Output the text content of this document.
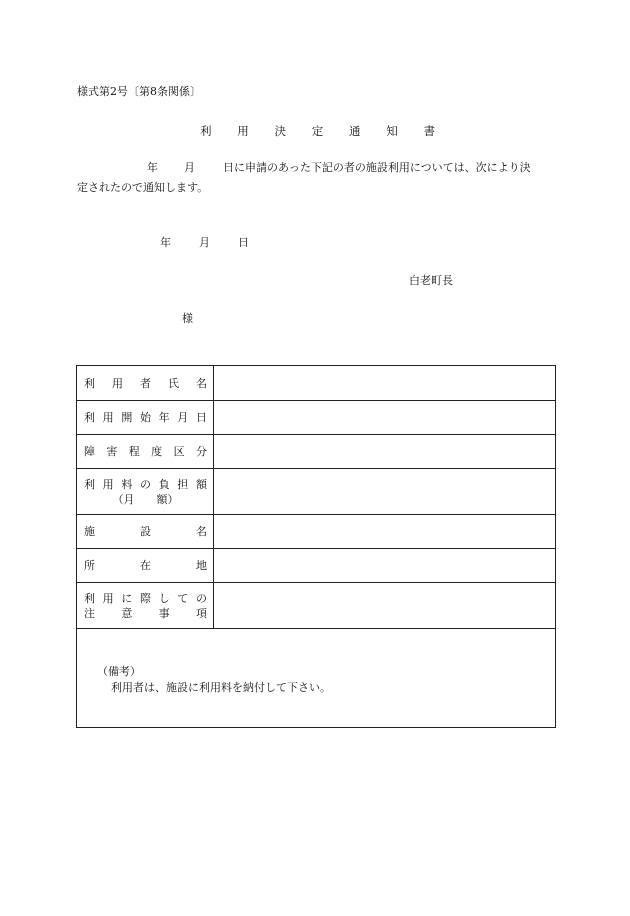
様式第2号〔第8条関係〕
利 用 決 定 通 知 書
年 月	日に申請のあった下記の者の施設利用については、次により決
定されたので通知します。
年	月	日
白老町長
様
利 用 者 氏 名
利 用 開 始 年 月 日
障 害 程 度 区 分
利 用 料 の 負 担 額
（月 額）
施	設	名
所	在	地
利 用 に 際 し て の
注 意 事 項
（備考）
利用者は、施設に利用料を納付して下さい。
